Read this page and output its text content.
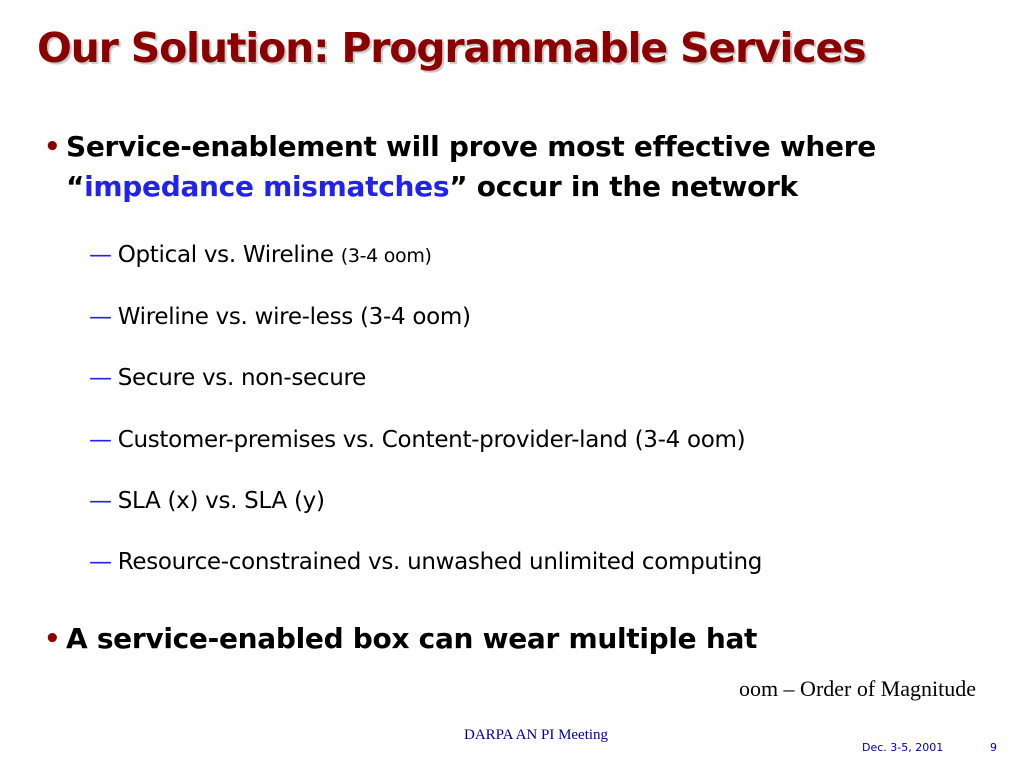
Our Solution: Programmable Services
• Service-enablement will prove most effective where
“impedance mismatches” occur in the network
— Optical vs. Wireline (3-4 oom)
— Wireline vs. wire-less (3-4 oom)
— Secure vs. non-secure
— Customer-premises vs. Content-provider-land (3-4 oom)
— SLA (x) vs. SLA (y)
— Resource-constrained vs. unwashed unlimited computing
• A service-enabled box can wear multiple hat
oom – Order of Magnitude
DARPA AN PI Meeting
Dec. 3-5, 2001	9
